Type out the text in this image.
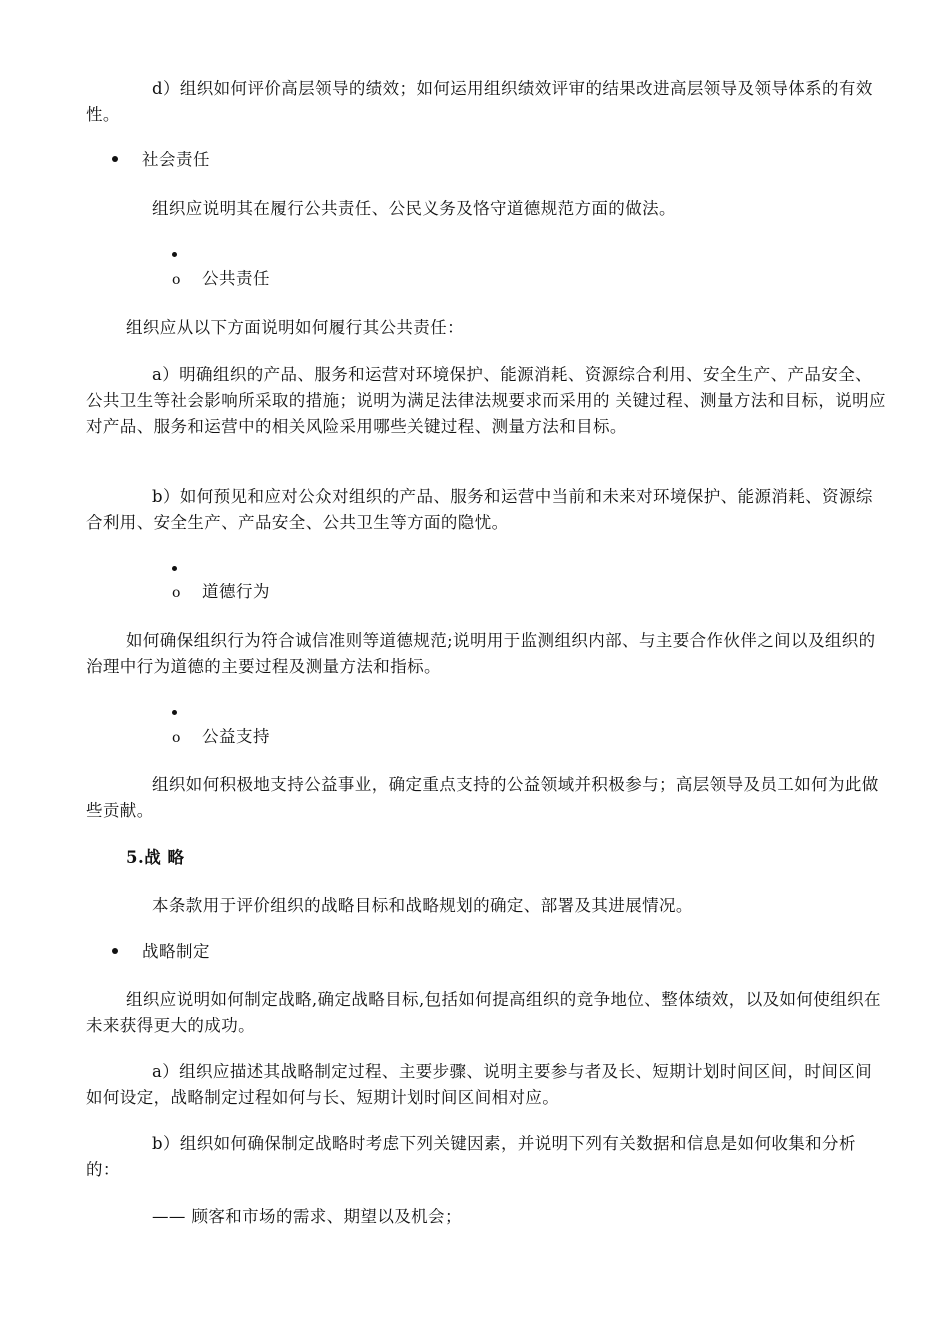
d）组织如何评价高层领导的绩效；如何运用组织绩效评审的结果改进高层领导及领导体系的有效性。

社会责任

组织应说明其在履行公共责任、公民义务及恪守道德规范方面的做法。

o 公共责任

组织应从以下方面说明如何履行其公共责任：

a）明确组织的产品、服务和运营对环境保护、能源消耗、资源综合利用、安全生产、产品安全、公共卫生等社会影响所采取的措施；说明为满足法律法规要求而采用的 关键过程、测量方法和目标，说明应对产品、服务和运营中的相关风险采用哪些关键过程、测量方法和目标。

b）如何预见和应对公众对组织的产品、服务和运营中当前和未来对环境保护、能源消耗、资源综合利用、安全生产、产品安全、公共卫生等方面的隐忧。

o 道德行为

如何确保组织行为符合诚信准则等道德规范;说明用于监测组织内部、与主要合作伙伴之间以及组织的治理中行为道德的主要过程及测量方法和指标。

o 公益支持

组织如何积极地支持公益事业，确定重点支持的公益领域并积极参与；高层领导及员工如何为此做些贡献。

5.战 略

本条款用于评价组织的战略目标和战略规划的确定、部署及其进展情况。

战略制定

组织应说明如何制定战略,确定战略目标,包括如何提高组织的竞争地位、整体绩效，以及如何使组织在未来获得更大的成功。

a）组织应描述其战略制定过程、主要步骤、说明主要参与者及长、短期计划时间区间，时间区间如何设定，战略制定过程如何与长、短期计划时间区间相对应。

b）组织如何确保制定战略时考虑下列关键因素，并说明下列有关数据和信息是如何收集和分析的：

—— 顾客和市场的需求、期望以及机会；
